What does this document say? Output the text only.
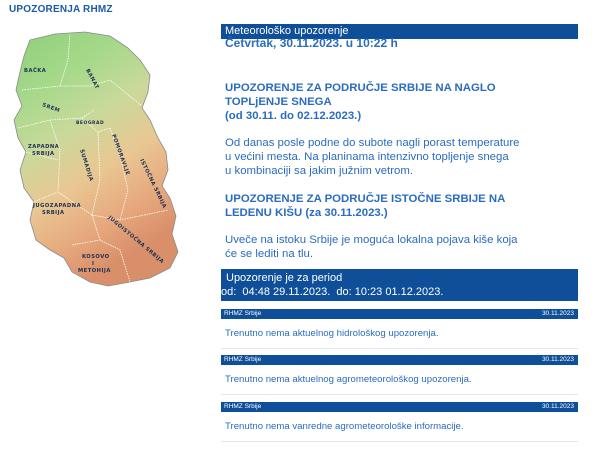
UPOZORENJA RHMZ
BAČKA	BANAT
SREM
BEOGRAD
ZAPADNA
SRBIJA	ŠUMADIJA	POMORAVLJE
ISTOČNA SRBIJA
JUGOZAPADNA
SRBIJA
JUGOISTOČNA SRBIJA
KOSOVO
I
METOHIJA
Meteorološko upozorenje
Četvrtak, 30.11.2023. u 10:22 h
UPOZORENJE ZA PODRUČJE SRBIJE NA NAGLO
TOPLjENJE SNEGA
(od 30.11. do 02.12.2023.)
Od danas posle podne do subote nagli porast temperature
u većini mesta. Na planinama intenzivno topljenje snega
u kombinaciji sa jakim južnim vetrom.
UPOZORENJE ZA PODRUČJE ISTOČNE SRBIJE NA
LEDENU KIŠU (za 30.11.2023.)
Uveče na istoku Srbije je moguća lokalna pojava kiše koja
će se lediti na tlu.
Upozorenje je za period
od:  04:48 29.11.2023.  do: 10:23 01.12.2023.
RHMZ Srbije	30.11.2023
Trenutno nema aktuelnog hidrološkog upozorenja.
RHMZ Srbije	30.11.2023
Trenutno nema aktuelnog agrometeorološkog upozorenja.
RHMZ Srbije	30.11.2023
Trenutno nema vanredne agrometeorološke informacije.
